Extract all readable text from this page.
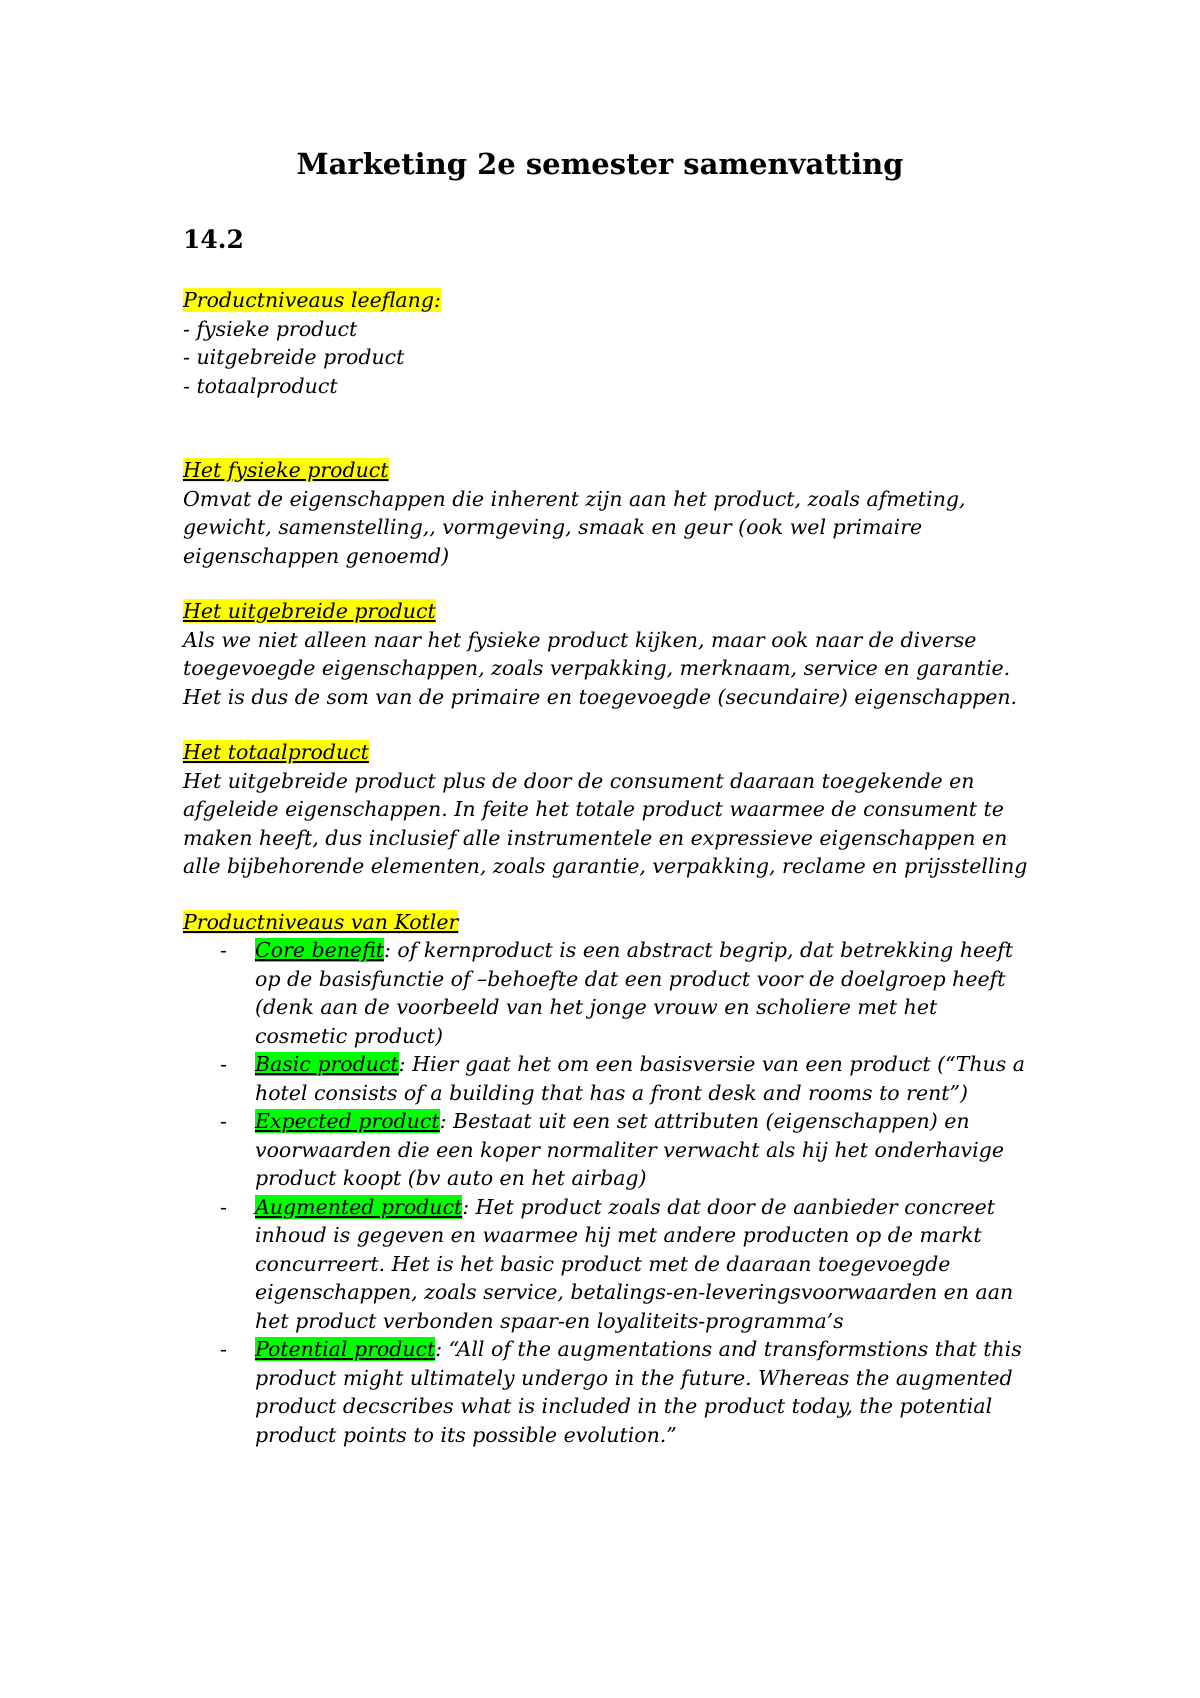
Marketing 2e semester samenvatting
14.2

Productniveaus leeflang:

- fysieke product

- uitgebreide product

- totaalproduct

Het fysieke product

Omvat de eigenschappen die inherent zijn aan het product, zoals afmeting, gewicht, samenstelling,, vormgeving, smaak en geur (ook wel primaire eigenschappen genoemd)

Het uitgebreide product

Als we niet alleen naar het fysieke product kijken, maar ook naar de diverse toegevoegde eigenschappen, zoals verpakking, merknaam, service en garantie. Het is dus de som van de primaire en toegevoegde (secundaire) eigenschappen.

Het totaalproduct

Het uitgebreide product plus de door de consument daaraan toegekende en afgeleide eigenschappen. In feite het totale product waarmee de consument te maken heeft, dus inclusief alle instrumentele en expressieve eigenschappen en alle bijbehorende elementen, zoals garantie, verpakking, reclame en prijsstelling

Productniveaus van Kotler

- Core benefit: of kernproduct is een abstract begrip, dat betrekking heeft op de basisfunctie of –behoefte dat een product voor de doelgroep heeft (denk aan de voorbeeld van het jonge vrouw en scholiere met het cosmetic product)
- Basic product: Hier gaat het om een basisversie van een product (“Thus a hotel consists of a building that has a front desk and rooms to rent”)
- Expected product: Bestaat uit een set attributen (eigenschappen) en voorwaarden die een koper normaliter verwacht als hij het onderhavige product koopt (bv auto en het airbag)
- Augmented product: Het product zoals dat door de aanbieder concreet inhoud is gegeven en waarmee hij met andere producten op de markt concurreert. Het is het basic product met de daaraan toegevoegde eigenschappen, zoals service, betalings-en-leveringsvoorwaarden en aan het product verbonden spaar-en loyaliteits-programma’s
- Potential product: “All of the augmentations and transformstions that this product might ultimately undergo in the future. Whereas the augmented product decscribes what is included in the product today, the potential product points to its possible evolution.”
